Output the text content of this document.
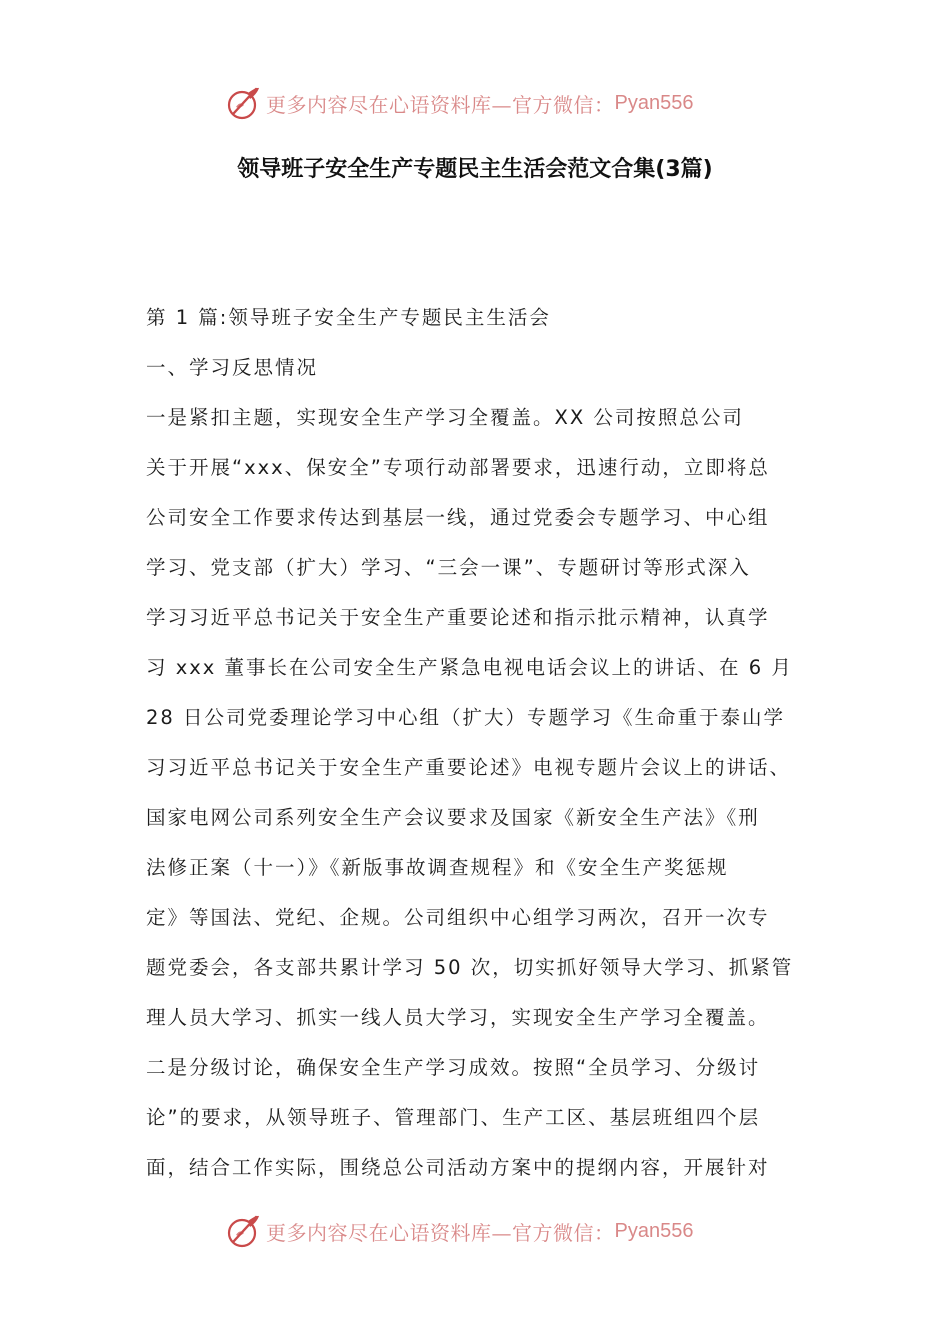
更多内容尽在心语资料库—官方微信： Pyan556
领导班子安全生产专题民主生活会范文合集(3篇)
第 1 篇:领导班子安全生产专题民主生活会
一、学习反思情况
一是紧扣主题，实现安全生产学习全覆盖。XX 公司按照总公司
关于开展“xxx、保安全”专项行动部署要求，迅速行动，立即将总
公司安全工作要求传达到基层一线，通过党委会专题学习、中心组
学习、党支部（扩大）学习、“三会一课”、专题研讨等形式深入
学习习近平总书记关于安全生产重要论述和指示批示精神，认真学
习 xxx 董事长在公司安全生产紧急电视电话会议上的讲话、在 6 月
28 日公司党委理论学习中心组（扩大）专题学习《生命重于泰山学
习习近平总书记关于安全生产重要论述》电视专题片会议上的讲话、
国家电网公司系列安全生产会议要求及国家《新安全生产法》《刑
法修正案（十一）》《新版事故调查规程》和《安全生产奖惩规
定》等国法、党纪、企规。公司组织中心组学习两次，召开一次专
题党委会，各支部共累计学习 50 次，切实抓好领导大学习、抓紧管
理人员大学习、抓实一线人员大学习，实现安全生产学习全覆盖。
二是分级讨论，确保安全生产学习成效。按照“全员学习、分级讨
论”的要求，从领导班子、管理部门、生产工区、基层班组四个层
面，结合工作实际，围绕总公司活动方案中的提纲内容，开展针对
更多内容尽在心语资料库—官方微信： Pyan556
